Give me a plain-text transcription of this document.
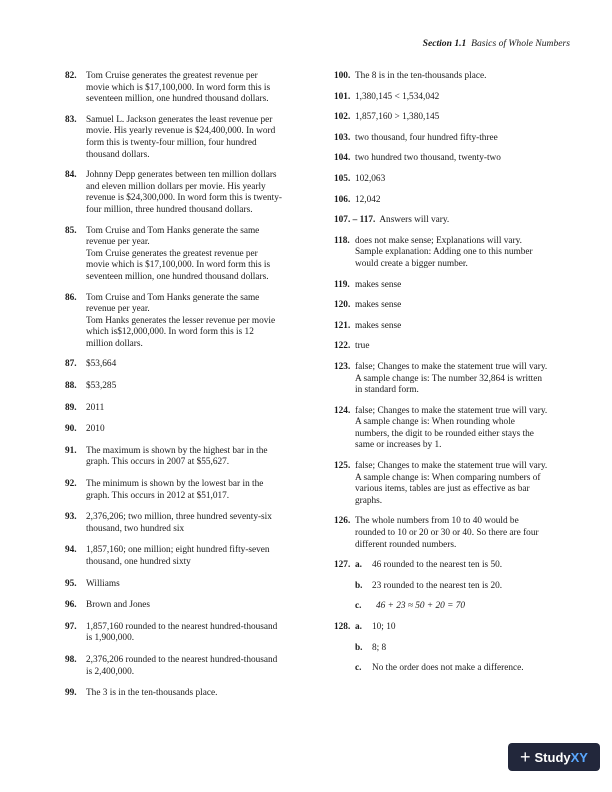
Section 1.1 Basics of Whole Numbers
82. Tom Cruise generates the greatest revenue per
movie which is $17,100,000. In word form this is
seventeen million, one hundred thousand dollars.
83. Samuel L. Jackson generates the least revenue per
movie. His yearly revenue is $24,400,000. In word
form this is twenty-four million, four hundred
thousand dollars.
84. Johnny Depp generates between ten million dollars
and eleven million dollars per movie. His yearly
revenue is $24,300,000. In word form this is twenty-
four million, three hundred thousand dollars.
85. Tom Cruise and Tom Hanks generate the same
revenue per year.
Tom Cruise generates the greatest revenue per
movie which is $17,100,000. In word form this is
seventeen million, one hundred thousand dollars.
86. Tom Cruise and Tom Hanks generate the same
revenue per year.
Tom Hanks generates the lesser revenue per movie
which is$12,000,000. In word form this is 12
million dollars.
87. $53,664
88. $53,285
89. 2011
90. 2010
91. The maximum is shown by the highest bar in the
graph. This occurs in 2007 at $55,627.
92. The minimum is shown by the lowest bar in the
graph. This occurs in 2012 at $51,017.
93. 2,376,206; two million, three hundred seventy-six
thousand, two hundred six
94. 1,857,160; one million; eight hundred fifty-seven
thousand, one hundred sixty
95. Williams
96. Brown and Jones
97. 1,857,160 rounded to the nearest hundred-thousand
is 1,900,000.
98. 2,376,206 rounded to the nearest hundred-thousand
is 2,400,000.
99. The 3 is in the ten-thousands place.
100. The 8 is in the ten-thousands place.
101. 1,380,145 < 1,534,042
102. 1,857,160 > 1,380,145
103. two thousand, four hundred fifty-three
104. two hundred two thousand, twenty-two
105. 102,063
106. 12,042
107. – 117. Answers will vary.
118. does not make sense; Explanations will vary.
Sample explanation: Adding one to this number
would create a bigger number.
119. makes sense
120. makes sense
121. makes sense
122. true
123. false; Changes to make the statement true will vary.
A sample change is: The number 32,864 is written
in standard form.
124. false; Changes to make the statement true will vary.
A sample change is: When rounding whole
numbers, the digit to be rounded either stays the
same or increases by 1.
125. false; Changes to make the statement true will vary.
A sample change is: When comparing numbers of
various items, tables are just as effective as bar
graphs.
126. The whole numbers from 10 to 40 would be
rounded to 10 or 20 or 30 or 40. So there are four
different rounded numbers.
127. a. 46 rounded to the nearest ten is 50.
b. 23 rounded to the nearest ten is 20.
c. 46 + 23 ≈ 50 + 20 = 70
128. a. 10; 10
b. 8; 8
c. No the order does not make a difference.
+ Study XY
